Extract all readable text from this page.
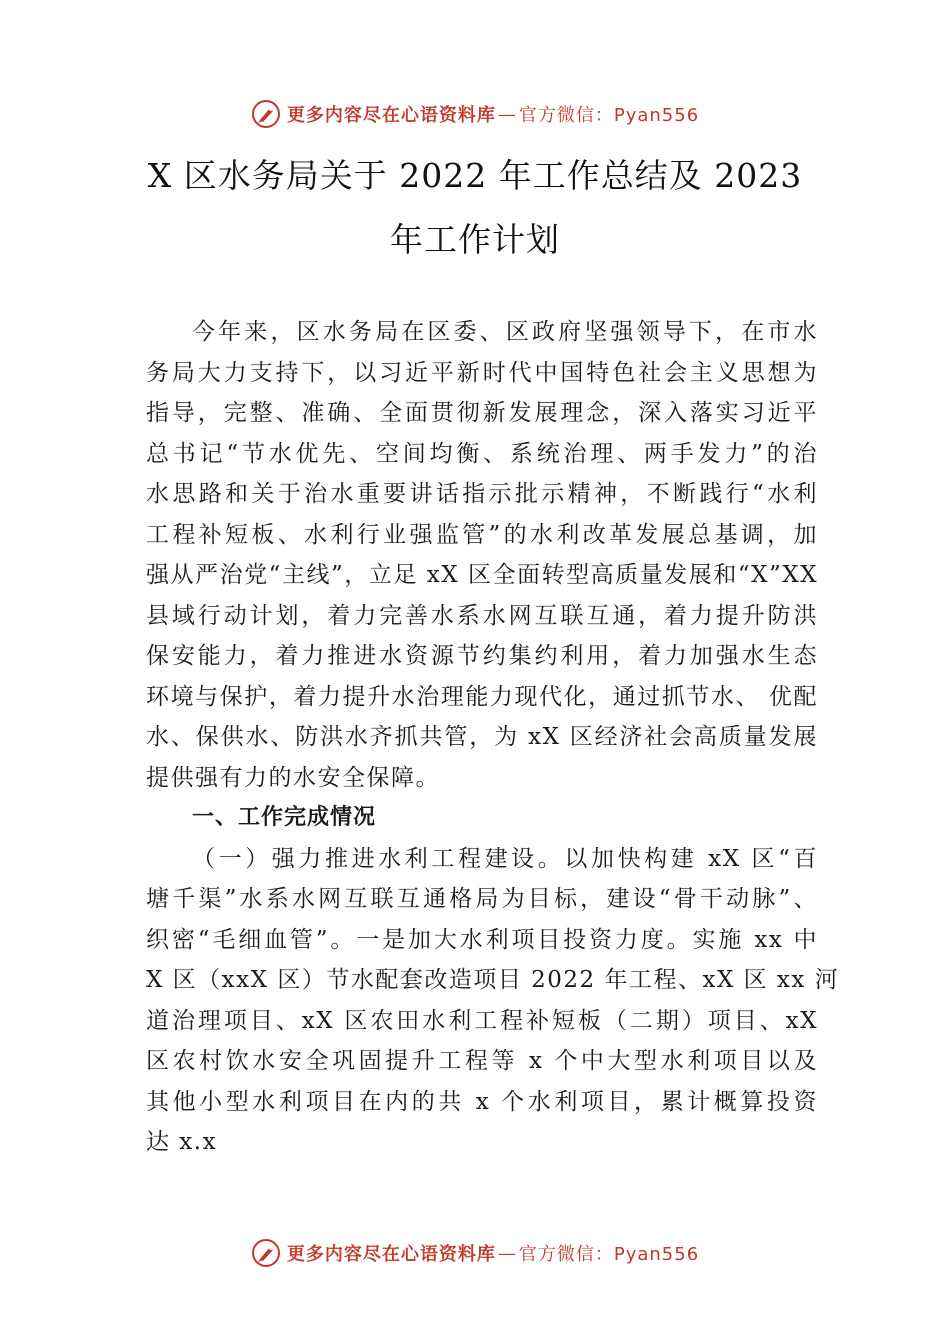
更多内容尽在心语资料库 — 官方微信：Pyan556
X 区水务局关于 2022 年工作总结及 2023
年工作计划
今年来，区水务局在区委、区政府坚强领导下，在市水
务局大力支持下，以习近平新时代中国特色社会主义思想为
指导，完整、准确、全面贯彻新发展理念，深入落实习近平
总书记“节水优先、空间均衡、系统治理、两手发力”的治
水思路和关于治水重要讲话指示批示精神，不断践行“水利
工程补短板、水利行业强监管”的水利改革发展总基调，加
强从严治党“主线”，立足 xX 区全面转型高质量发展和“X”XX
县域行动计划，着力完善水系水网互联互通，着力提升防洪
保安能力，着力推进水资源节约集约利用，着力加强水生态
环境与保护，着力提升水治理能力现代化，通过抓节水、 优配
水、保供水、防洪水齐抓共管，为 xX 区经济社会高质量发展
提供强有力的水安全保障。
一、工作完成情况
（一）强力推进水利工程建设。以加快构建 xX 区“百
塘千渠”水系水网互联互通格局为目标，建设“骨干动脉”、
织密“毛细血管”。一是加大水利项目投资力度。实施 xx 中
X 区（xxX 区）节水配套改造项目 2022 年工程、xX 区 xx 河
道治理项目、xX 区农田水利工程补短板（二期）项目、xX
区农村饮水安全巩固提升工程等 x 个中大型水利项目以及
其他小型水利项目在内的共 x 个水利项目，累计概算投资
达 x.x
更多内容尽在心语资料库 — 官方微信：Pyan556
